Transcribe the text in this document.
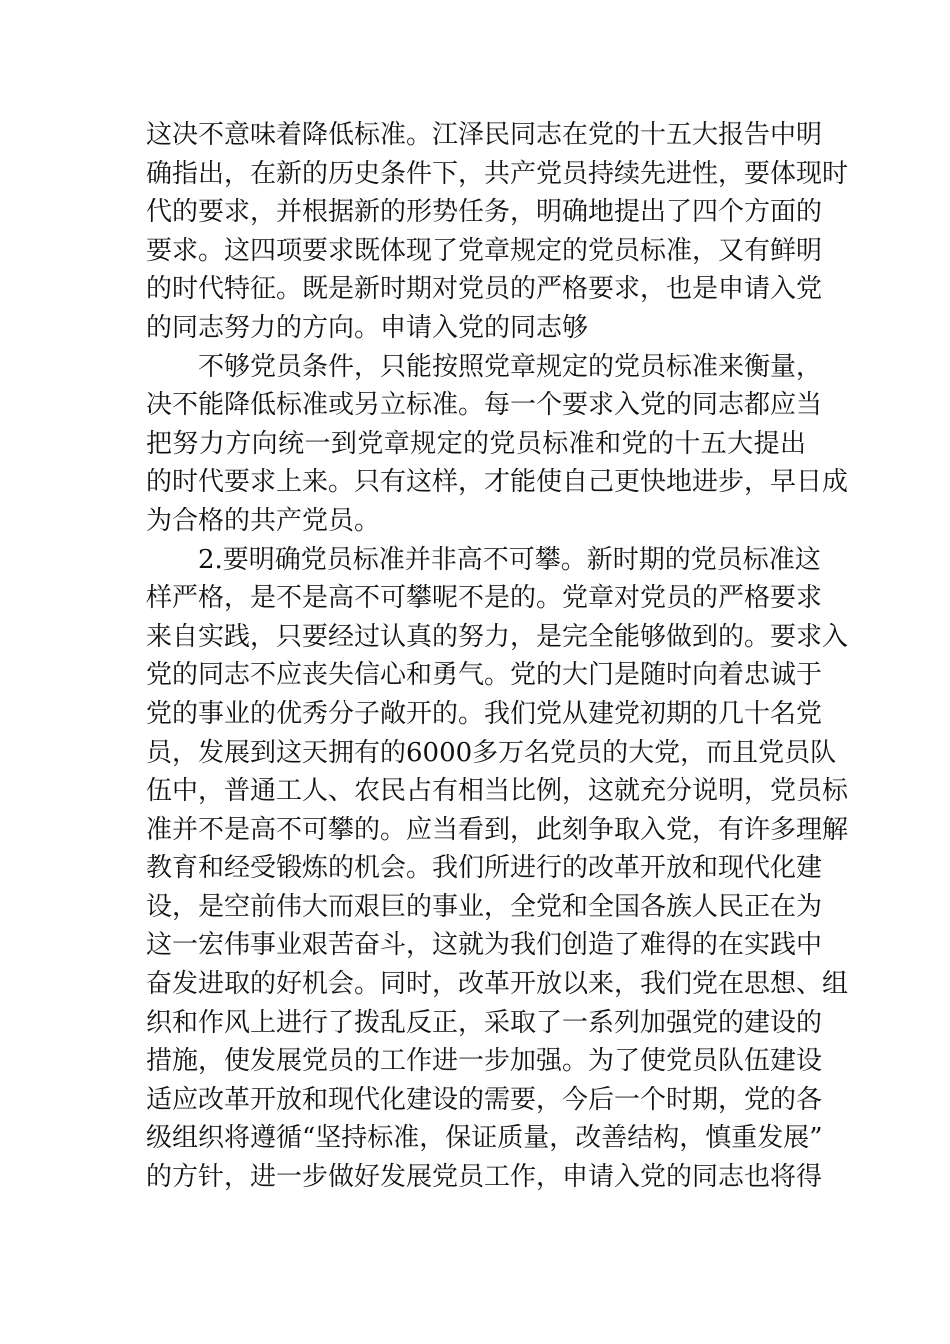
这决不意味着降低标准。江泽民同志在党的十五大报告中明
确指出，在新的历史条件下，共产党员持续先进性，要体现时
代的要求，并根据新的形势任务，明确地提出了四个方面的
要求。这四项要求既体现了党章规定的党员标准，又有鲜明
的时代特征。既是新时期对党员的严格要求，也是申请入党
的同志努力的方向。申请入党的同志够
不够党员条件，只能按照党章规定的党员标准来衡量，
决不能降低标准或另立标准。每一个要求入党的同志都应当
把努力方向统一到党章规定的党员标准和党的十五大提出
的时代要求上来。只有这样，才能使自己更快地进步，早日成
为合格的共产党员。
2.要明确党员标准并非高不可攀。新时期的党员标准这
样严格，是不是高不可攀呢不是的。党章对党员的严格要求
来自实践，只要经过认真的努力，是完全能够做到的。要求入
党的同志不应丧失信心和勇气。党的大门是随时向着忠诚于
党的事业的优秀分子敞开的。我们党从建党初期的几十名党
员，发展到这天拥有的6000多万名党员的大党，而且党员队
伍中，普通工人、农民占有相当比例，这就充分说明，党员标
准并不是高不可攀的。应当看到，此刻争取入党，有许多理解
教育和经受锻炼的机会。我们所进行的改革开放和现代化建
设，是空前伟大而艰巨的事业，全党和全国各族人民正在为
这一宏伟事业艰苦奋斗，这就为我们创造了难得的在实践中
奋发进取的好机会。同时，改革开放以来，我们党在思想、组
织和作风上进行了拨乱反正，采取了一系列加强党的建设的
措施，使发展党员的工作进一步加强。为了使党员队伍建设
适应改革开放和现代化建设的需要，今后一个时期，党的各
级组织将遵循“坚持标准，保证质量，改善结构，慎重发展”
的方针，进一步做好发展党员工作，申请入党的同志也将得
